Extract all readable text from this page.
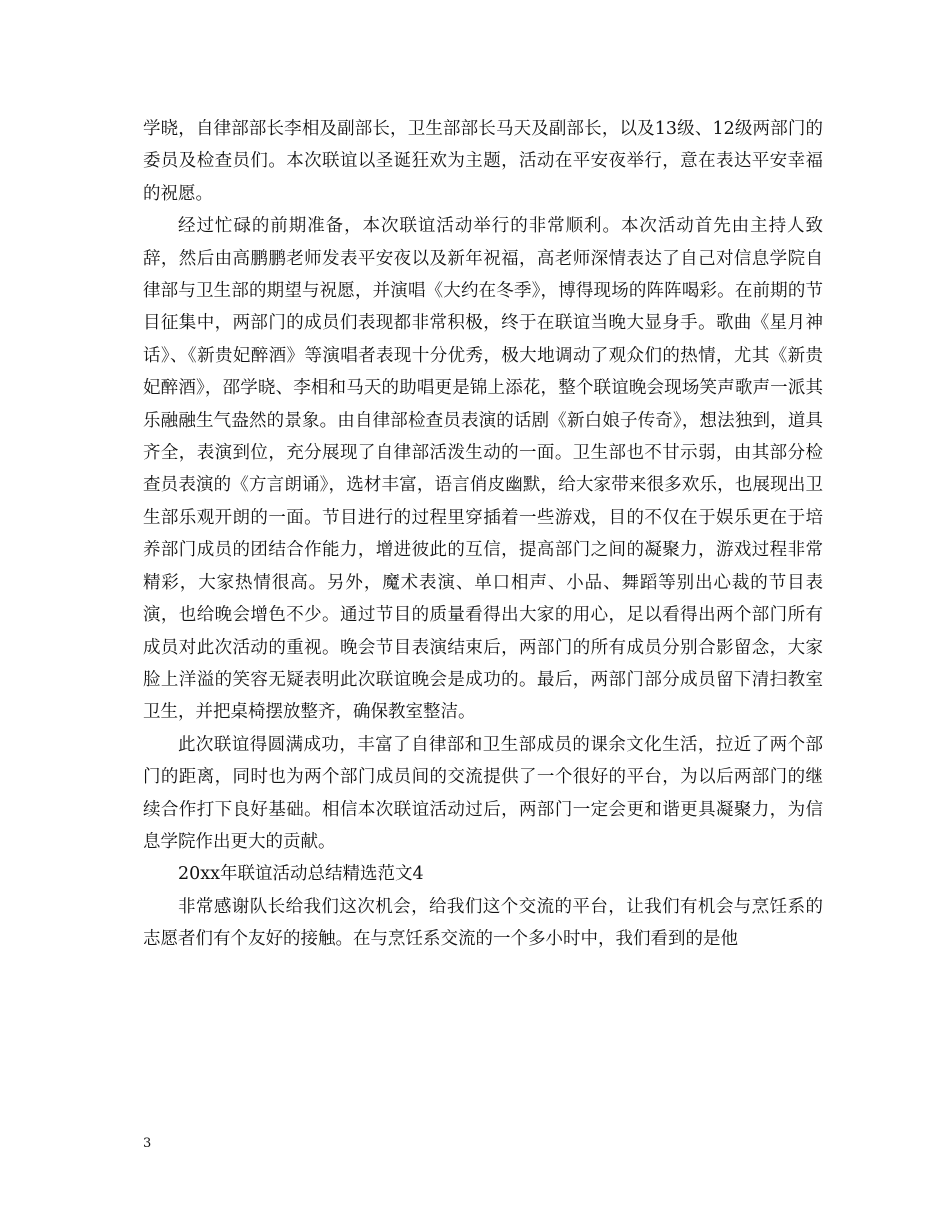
学晓，自律部部长李相及副部长，卫生部部长马天及副部长，以及13级、12级两部门的委员及检查员们。本次联谊以圣诞狂欢为主题，活动在平安夜举行，意在表达平安幸福的祝愿。

经过忙碌的前期准备，本次联谊活动举行的非常顺利。本次活动首先由主持人致辞，然后由高鹏鹏老师发表平安夜以及新年祝福，高老师深情表达了自己对信息学院自律部与卫生部的期望与祝愿，并演唱《大约在冬季》，博得现场的阵阵喝彩。在前期的节目征集中，两部门的成员们表现都非常积极，终于在联谊当晚大显身手。歌曲《星月神话》、《新贵妃醉酒》等演唱者表现十分优秀，极大地调动了观众们的热情，尤其《新贵妃醉酒》，邵学晓、李相和马天的助唱更是锦上添花，整个联谊晚会现场笑声歌声一派其乐融融生气盎然的景象。由自律部检查员表演的话剧《新白娘子传奇》，想法独到，道具齐全，表演到位，充分展现了自律部活泼生动的一面。卫生部也不甘示弱，由其部分检查员表演的《方言朗诵》，选材丰富，语言俏皮幽默，给大家带来很多欢乐，也展现出卫生部乐观开朗的一面。节目进行的过程里穿插着一些游戏，目的不仅在于娱乐更在于培养部门成员的团结合作能力，增进彼此的互信，提高部门之间的凝聚力，游戏过程非常精彩，大家热情很高。另外，魔术表演、单口相声、小品、舞蹈等别出心裁的节目表演，也给晚会增色不少。通过节目的质量看得出大家的用心，足以看得出两个部门所有成员对此次活动的重视。晚会节目表演结束后，两部门的所有成员分别合影留念，大家脸上洋溢的笑容无疑表明此次联谊晚会是成功的。最后，两部门部分成员留下清扫教室卫生，并把桌椅摆放整齐，确保教室整洁。

此次联谊得圆满成功，丰富了自律部和卫生部成员的课余文化生活，拉近了两个部门的距离，同时也为两个部门成员间的交流提供了一个很好的平台，为以后两部门的继续合作打下良好基础。相信本次联谊活动过后，两部门一定会更和谐更具凝聚力，为信息学院作出更大的贡献。

20xx年联谊活动总结精选范文4

非常感谢队长给我们这次机会，给我们这个交流的平台，让我们有机会与烹饪系的志愿者们有个友好的接触。在与烹饪系交流的一个多小时中，我们看到的是他

3
